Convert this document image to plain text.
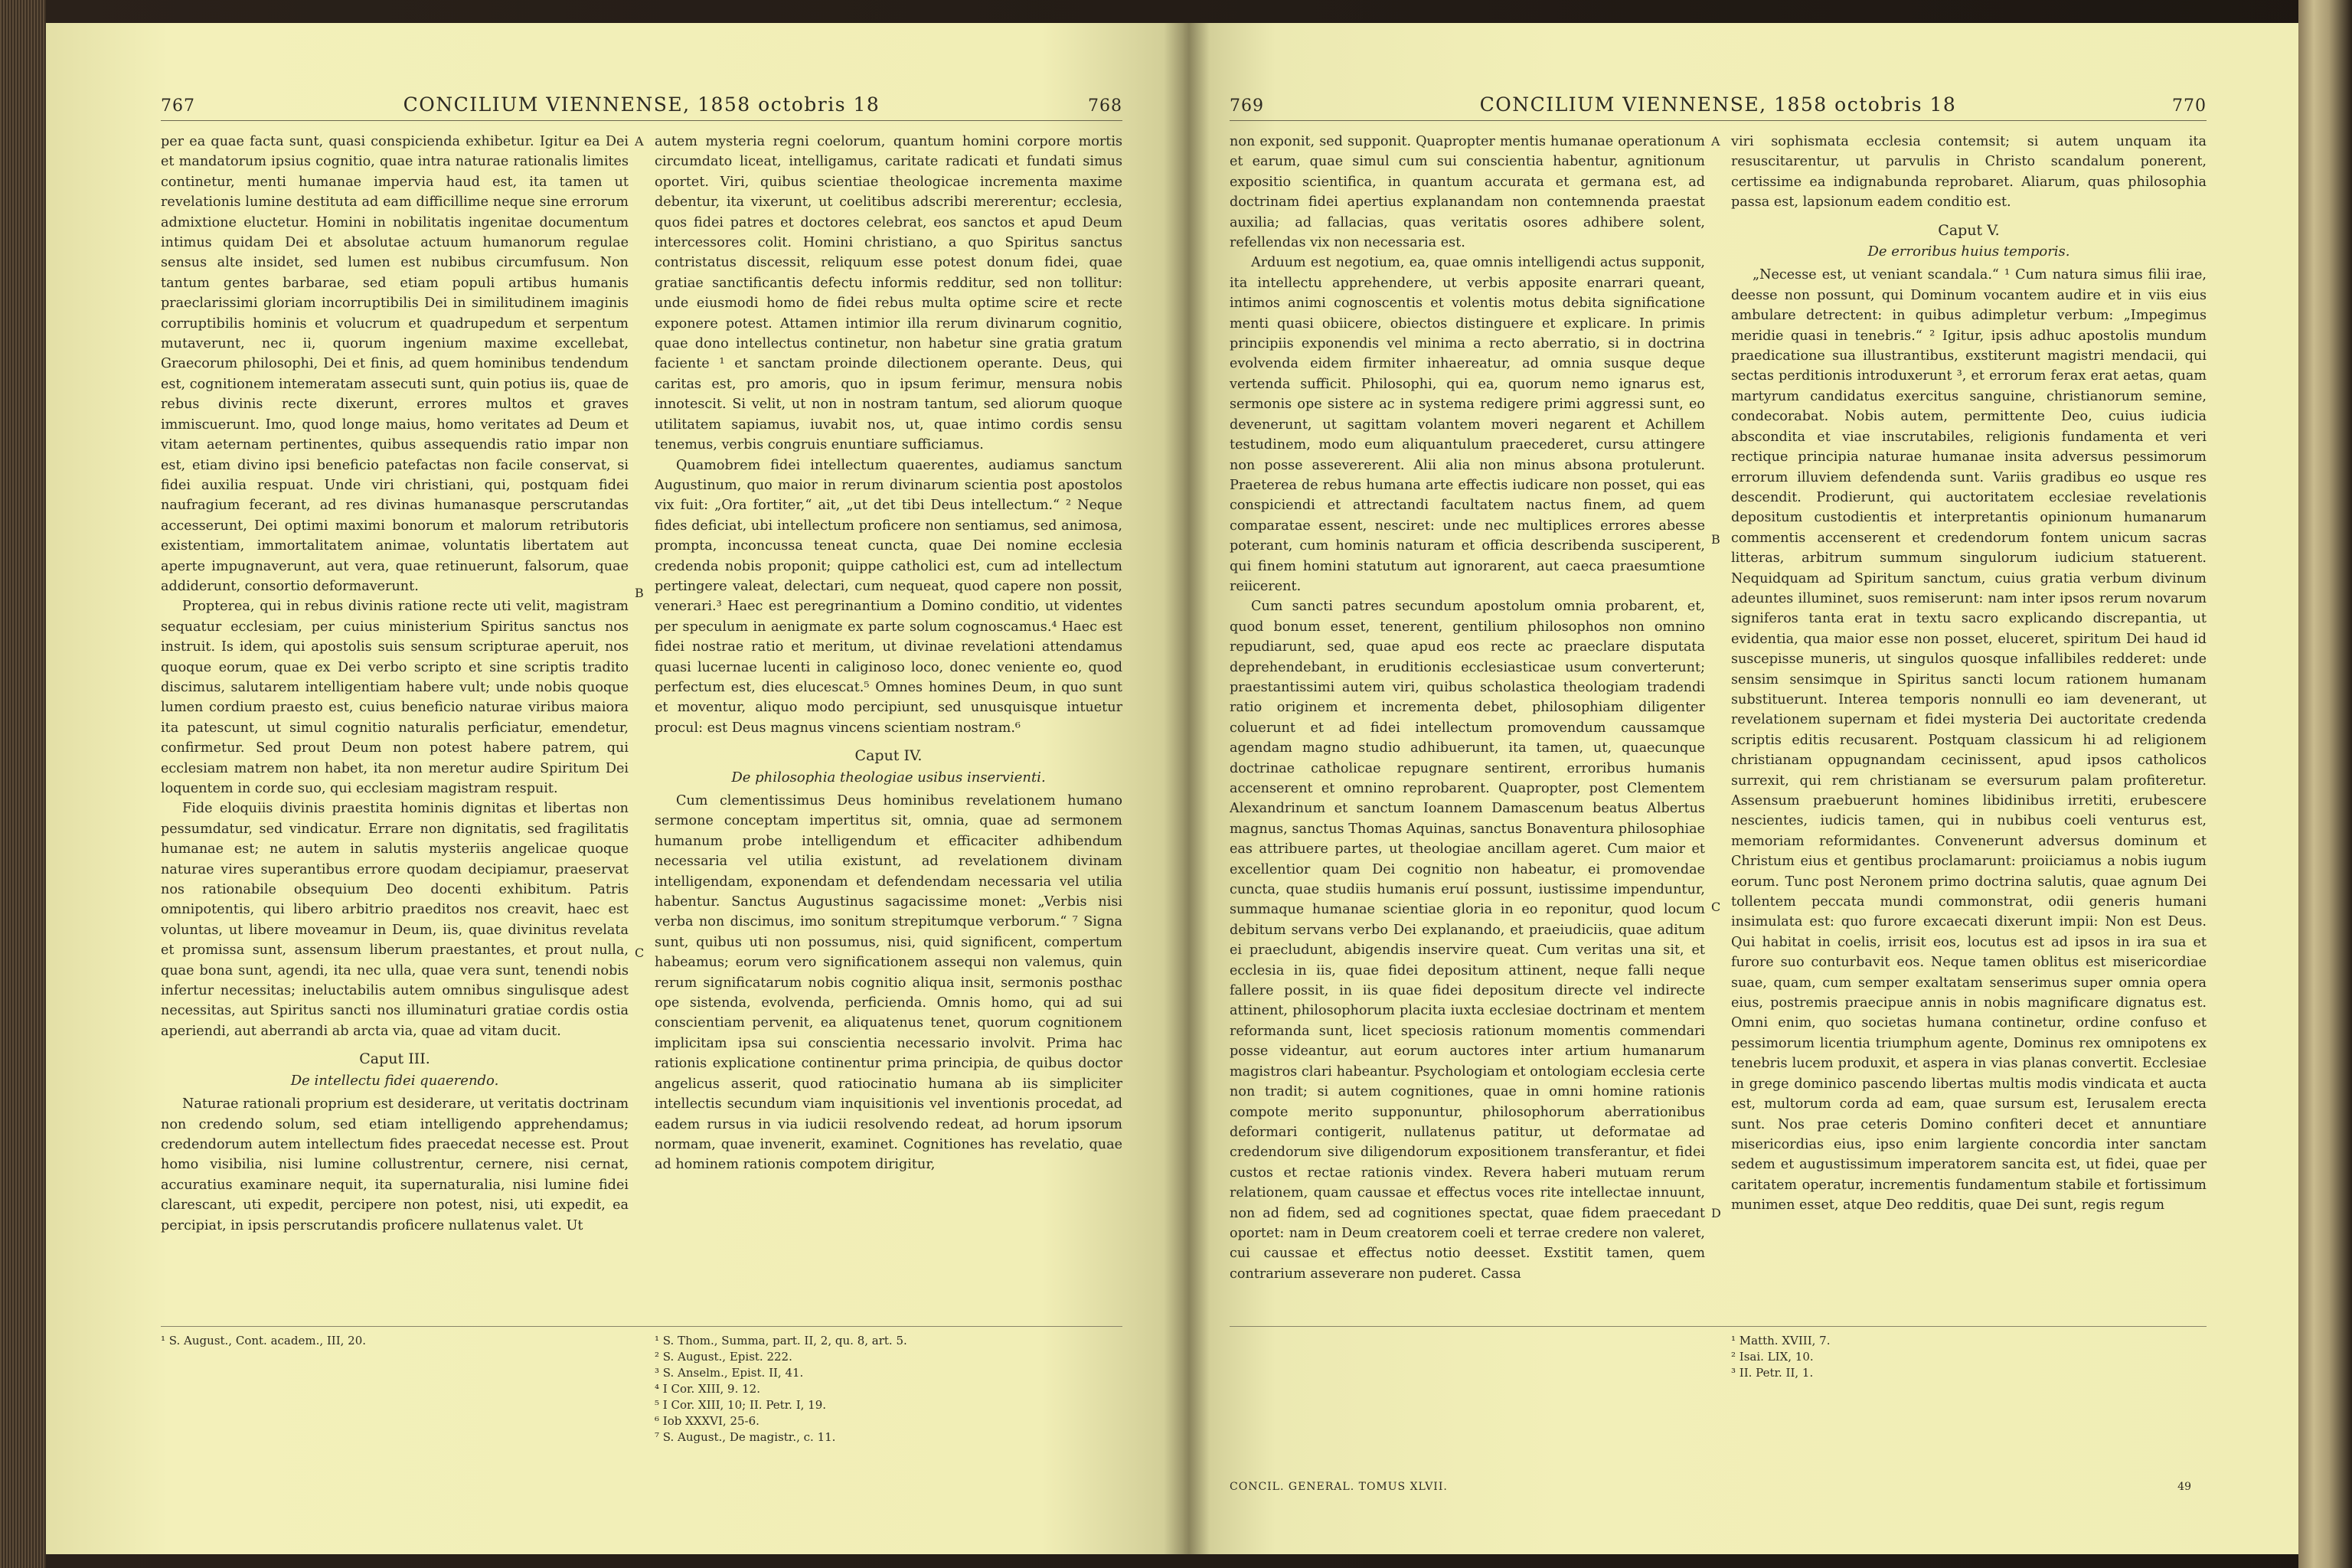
767	CONCILIUM VIENNENSE, 1858 octobris 18	768

per ea quae facta sunt, quasi conspicienda exhibetur. Igitur ea Dei et mandatorum ipsius cognitio, quae intra naturae rationalis limites continetur, menti humanae impervia haud est, ita tamen ut revelationis lumine destituta ad eam difficillime neque sine errorum admixtione eluctetur. Homini in nobilitatis ingenitae documentum intimus quidam Dei et absolutae actuum humanorum regulae sensus alte insidet, sed lumen est nubibus circumfusum. Non tantum gentes barbarae, sed etiam populi artibus humanis praeclarissimi gloriam incorruptibilis Dei in similitudinem imaginis corruptibilis hominis et volucrum et quadrupedum et serpentum mutaverunt, nec ii, quorum ingenium maxime excellebat, Graecorum philosophi, Dei et finis, ad quem hominibus tendendum est, cognitionem intemeratam assecuti sunt, quin potius iis, quae de rebus divinis recte dixerunt, errores multos et graves immiscuerunt. Imo, quod longe maius, homo veritates ad Deum et vitam aeternam pertinentes, quibus assequendis ratio impar non est, etiam divino ipsi beneficio patefactas non facile conservat, si fidei auxilia respuat. Unde viri christiani, qui, postquam fidei naufragium fecerant, ad res divinas humanasque perscrutandas accesserunt, Dei optimi maximi bonorum et malorum retributoris existentiam, immortalitatem animae, voluntatis libertatem aut aperte impugnaverunt, aut vera, quae retinuerunt, falsorum, quae addiderunt, consortio deformaverunt.

Propterea, qui in rebus divinis ratione recte uti velit, magistram sequatur ecclesiam, per cuius ministerium Spiritus sanctus nos instruit. Is idem, qui apostolis suis sensum scripturae aperuit, nos quoque eorum, quae ex Dei verbo scripto et sine scriptis tradito discimus, salutarem intelligentiam habere vult; unde nobis quoque lumen cordium praesto est, cuius beneficio naturae viribus maiora ita patescunt, ut simul cognitio naturalis perficiatur, emendetur, confirmetur. Sed prout Deum non potest habere patrem, qui ecclesiam matrem non habet, ita non meretur audire Spiritum Dei loquentem in corde suo, qui ecclesiam magistram respuit.

Fide eloquiis divinis praestita hominis dignitas et libertas non pessumdatur, sed vindicatur. Errare non dignitatis, sed fragilitatis humanae est; ne autem in salutis mysteriis angelicae quoque naturae vires superantibus errore quodam decipiamur, praeservat nos rationabile obsequium Deo docenti exhibitum. Patris omnipotentis, qui libero arbitrio praeditos nos creavit, haec est voluntas, ut libere moveamur in Deum, iis, quae divinitus revelata et promissa sunt, assensum liberum praestantes, et prout nulla, quae bona sunt, agendi, ita nec ulla, quae vera sunt, tenendi nobis infertur necessitas; ineluctabilis autem omnibus singulisque adest necessitas, aut Spiritus sancti nos illuminaturi gratiae cordis ostia aperiendi, aut aberrandi ab arcta via, quae ad vitam ducit.

Caput III.
De intellectu fidei quaerendo.

Naturae rationali proprium est desiderare, ut veritatis doctrinam non credendo solum, sed etiam intelligendo apprehendamus; credendorum autem intellectum fides praecedat necesse est. Prout homo visibilia, nisi lumine collustrentur, cernere, nisi cernat, accuratius examinare nequit, ita supernaturalia, nisi lumine fidei clarescant, uti expedit, percipere non potest, nisi, uti expedit, ea percipiat, in ipsis perscrutandis proficere nullatenus valet. Ut

A
B
C

autem mysteria regni coelorum, quantum homini corpore mortis circumdato liceat, intelligamus, caritate radicati et fundati simus oportet. Viri, quibus scientiae theologicae incrementa maxime debentur, ita vixerunt, ut coelitibus adscribi mererentur; ecclesia, quos fidei patres et doctores celebrat, eos sanctos et apud Deum intercessores colit. Homini christiano, a quo Spiritus sanctus contristatus discessit, reliquum esse potest donum fidei, quae gratiae sanctificantis defectu informis redditur, sed non tollitur: unde eiusmodi homo de fidei rebus multa optime scire et recte exponere potest. Attamen intimior illa rerum divinarum cognitio, quae dono intellectus continetur, non habetur sine gratia gratum faciente ¹ et sanctam proinde dilectionem operante. Deus, qui caritas est, pro amoris, quo in ipsum ferimur, mensura nobis innotescit. Si velit, ut non in nostram tantum, sed aliorum quoque utilitatem sapiamus, iuvabit nos, ut, quae intimo cordis sensu tenemus, verbis congruis enuntiare sufficiamus.

Quamobrem fidei intellectum quaerentes, audiamus sanctum Augustinum, quo maior in rerum divinarum scientia post apostolos vix fuit: „Ora fortiter,“ ait, „ut det tibi Deus intellectum.“ ² Neque fides deficiat, ubi intellectum proficere non sentiamus, sed animosa, prompta, inconcussa teneat cuncta, quae Dei nomine ecclesia credenda nobis proponit; quippe catholici est, cum ad intellectum pertingere valeat, delectari, cum nequeat, quod capere non possit, venerari.³ Haec est peregrinantium a Domino conditio, ut videntes per speculum in aenigmate ex parte solum cognoscamus.⁴ Haec est fidei nostrae ratio et meritum, ut divinae revelationi attendamus quasi lucernae lucenti in caliginoso loco, donec veniente eo, quod perfectum est, dies elucescat.⁵ Omnes homines Deum, in quo sunt et moventur, aliquo modo percipiunt, sed unusquisque intuetur procul: est Deus magnus vincens scientiam nostram.⁶

Caput IV.
De philosophia theologiae usibus inservienti.

Cum clementissimus Deus hominibus revelationem humano sermone conceptam impertitus sit, omnia, quae ad sermonem humanum probe intelligendum et efficaciter adhibendum necessaria vel utilia existunt, ad revelationem divinam intelligendam, exponendam et defendendam necessaria vel utilia habentur. Sanctus Augustinus sagacissime monet: „Verbis nisi verba non discimus, imo sonitum strepitumque verborum.“ ⁷ Signa sunt, quibus uti non possumus, nisi, quid significent, compertum habeamus; eorum vero significationem assequi non valemus, quin rerum significatarum nobis cognitio aliqua insit, sermonis posthac ope sistenda, evolvenda, perficienda. Omnis homo, qui ad sui conscientiam pervenit, ea aliquatenus tenet, quorum cognitionem implicitam ipsa sui conscientia necessario involvit. Prima hac rationis explicatione continentur prima principia, de quibus doctor angelicus asserit, quod ratiocinatio humana ab iis simpliciter intellectis secundum viam inquisitionis vel inventionis procedat, ad eadem rursus in via iudicii resolvendo redeat, ad horum ipsorum normam, quae invenerit, examinet. Cognitiones has revelatio, quae ad hominem rationis compotem dirigitur,

¹ S. August., Cont. academ., III, 20.	¹ S. Thom., Summa, part. II, 2, qu. 8, art. 5.
² S. August., Epist. 222.
³ S. Anselm., Epist. II, 41.
⁴ I Cor. XIII, 9. 12.
⁵ I Cor. XIII, 10; II. Petr. I, 19.
⁶ Iob XXXVI, 25-6.
⁷ S. August., De magistr., c. 11.
769	CONCILIUM VIENNENSE, 1858 octobris 18	770

non exponit, sed supponit. Quapropter mentis humanae operationum et earum, quae simul cum sui conscientia habentur, agnitionum expositio scientifica, in quantum accurata et germana est, ad doctrinam fidei apertius explanandam non contemnenda praestat auxilia; ad fallacias, quas veritatis osores adhibere solent, refellendas vix non necessaria est.

Arduum est negotium, ea, quae omnis intelligendi actus supponit, ita intellectu apprehendere, ut verbis apposite enarrari queant, intimos animi cognoscentis et volentis motus debita significatione menti quasi obiicere, obiectos distinguere et explicare. In primis principiis exponendis vel minima a recto aberratio, si in doctrina evolvenda eidem firmiter inhaereatur, ad omnia susque deque vertenda sufficit. Philosophi, qui ea, quorum nemo ignarus est, sermonis ope sistere ac in systema redigere primi aggressi sunt, eo devenerunt, ut sagittam volantem moveri negarent et Achillem testudinem, modo eum aliquantulum praecederet, cursu attingere non posse assevererent. Alii alia non minus absona protulerunt. Praeterea de rebus humana arte effectis iudicare non posset, qui eas conspiciendi et attrectandi facultatem nactus finem, ad quem comparatae essent, nesciret: unde nec multiplices errores abesse poterant, cum hominis naturam et officia describenda susciperent, qui finem homini statutum aut ignorarent, aut caeca praesumtione reiicerent.

Cum sancti patres secundum apostolum omnia probarent, et, quod bonum esset, tenerent, gentilium philosophos non omnino repudiarunt, sed, quae apud eos recte ac praeclare disputata deprehendebant, in eruditionis ecclesiasticae usum converterunt; praestantissimi autem viri, quibus scholastica theologiam tradendi ratio originem et incrementa debet, philosophiam diligenter coluerunt et ad fidei intellectum promovendum caussamque agendam magno studio adhibuerunt, ita tamen, ut, quaecunque doctrinae catholicae repugnare sentirent, erroribus humanis accenserent et omnino reprobarent. Quapropter, post Clementem Alexandrinum et sanctum Ioannem Damascenum beatus Albertus magnus, sanctus Thomas Aquinas, sanctus Bonaventura philosophiae eas attribuere partes, ut theologiae ancillam ageret. Cum maior et excellentior quam Dei cognitio non habeatur, ei promovendae cuncta, quae studiis humanis eruí possunt, iustissime impenduntur, summaque humanae scientiae gloria in eo reponitur, quod locum debitum servans verbo Dei explanando, et praeiudiciis, quae aditum ei praecludunt, abigendis inservire queat. Cum veritas una sit, et ecclesia in iis, quae fidei depositum attinent, neque falli neque fallere possit, in iis quae fidei depositum directe vel indirecte attinent, philosophorum placita iuxta ecclesiae doctrinam et mentem reformanda sunt, licet speciosis rationum momentis commendari posse videantur, aut eorum auctores inter artium humanarum magistros clari habeantur. Psychologiam et ontologiam ecclesia certe non tradit; si autem cognitiones, quae in omni homine rationis compote merito supponuntur, philosophorum aberrationibus deformari contigerit, nullatenus patitur, ut deformatae ad credendorum sive diligendorum expositionem transferantur, et fidei custos et rectae rationis vindex. Revera haberi mutuam rerum relationem, quam caussae et effectus voces rite intellectae innuunt, non ad fidem, sed ad cognitiones spectat, quae fidem praecedant oportet: nam in Deum creatorem coeli et terrae credere non valeret, cui caussae et effectus notio deesset. Exstitit tamen, quem contrarium asseverare non puderet. Cassa

A
B
C
D

viri sophismata ecclesia contemsit; si autem unquam ita resuscitarentur, ut parvulis in Christo scandalum ponerent, certissime ea indignabunda reprobaret. Aliarum, quas philosophia passa est, lapsionum eadem conditio est.

Caput V.
De erroribus huius temporis.

„Necesse est, ut veniant scandala.“ ¹ Cum natura simus filii irae, deesse non possunt, qui Dominum vocantem audire et in viis eius ambulare detrectent: in quibus adimpletur verbum: „Impegimus meridie quasi in tenebris.“ ² Igitur, ipsis adhuc apostolis mundum praedicatione sua illustrantibus, exstiterunt magistri mendacii, qui sectas perditionis introduxerunt ³, et errorum ferax erat aetas, quam martyrum candidatus exercitus sanguine, christianorum semine, condecorabat. Nobis autem, permittente Deo, cuius iudicia abscondita et viae inscrutabiles, religionis fundamenta et veri rectique principia naturae humanae insita adversus pessimorum errorum illuviem defendenda sunt. Variis gradibus eo usque res descendit. Prodierunt, qui auctoritatem ecclesiae revelationis depositum custodientis et interpretantis opinionum humanarum commentis accenserent et credendorum fontem unicum sacras litteras, arbitrum summum singulorum iudicium statuerent. Nequidquam ad Spiritum sanctum, cuius gratia verbum divinum adeuntes illuminet, suos remiserunt: nam inter ipsos rerum novarum signiferos tanta erat in textu sacro explicando discrepantia, ut evidentia, qua maior esse non posset, eluceret, spiritum Dei haud id suscepisse muneris, ut singulos quosque infallibiles redderet: unde sensim sensimque in Spiritus sancti locum rationem humanam substituerunt. Interea temporis nonnulli eo iam devenerant, ut revelationem supernam et fidei mysteria Dei auctoritate credenda scriptis editis recusarent. Postquam classicum hi ad religionem christianam oppugnandam cecinissent, apud ipsos catholicos surrexit, qui rem christianam se eversurum palam profiteretur. Assensum praebuerunt homines libidinibus irretiti, erubescere nescientes, iudicis tamen, qui in nubibus coeli venturus est, memoriam reformidantes. Convenerunt adversus dominum et Christum eius et gentibus proclamarunt: proiiciamus a nobis iugum eorum. Tunc post Neronem primo doctrina salutis, quae agnum Dei tollentem peccata mundi commonstrat, odii generis humani insimulata est: quo furore excaecati dixerunt impii: Non est Deus. Qui habitat in coelis, irrisit eos, locutus est ad ipsos in ira sua et furore suo conturbavit eos. Neque tamen oblitus est misericordiae suae, quam, cum semper exaltatam senserimus super omnia opera eius, postremis praecipue annis in nobis magnificare dignatus est. Omni enim, quo societas humana continetur, ordine confuso et pessimorum licentia triumphum agente, Dominus rex omnipotens ex tenebris lucem produxit, et aspera in vias planas convertit. Ecclesiae in grege dominico pascendo libertas multis modis vindicata et aucta est, multorum corda ad eam, quae sursum est, Ierusalem erecta sunt. Nos prae ceteris Domino confiteri decet et annuntiare misericordias eius, ipso enim largiente concordia inter sanctam sedem et augustissimum imperatorem sancita est, ut fidei, quae per caritatem operatur, incrementis fundamentum stabile et fortissimum munimen esset, atque Deo redditis, quae Dei sunt, regis regum

¹ Matth. XVIII, 7.
² Isai. LIX, 10.
³ II. Petr. II, 1.
CONCIL. GENERAL. TOMUS XLVII.	49
